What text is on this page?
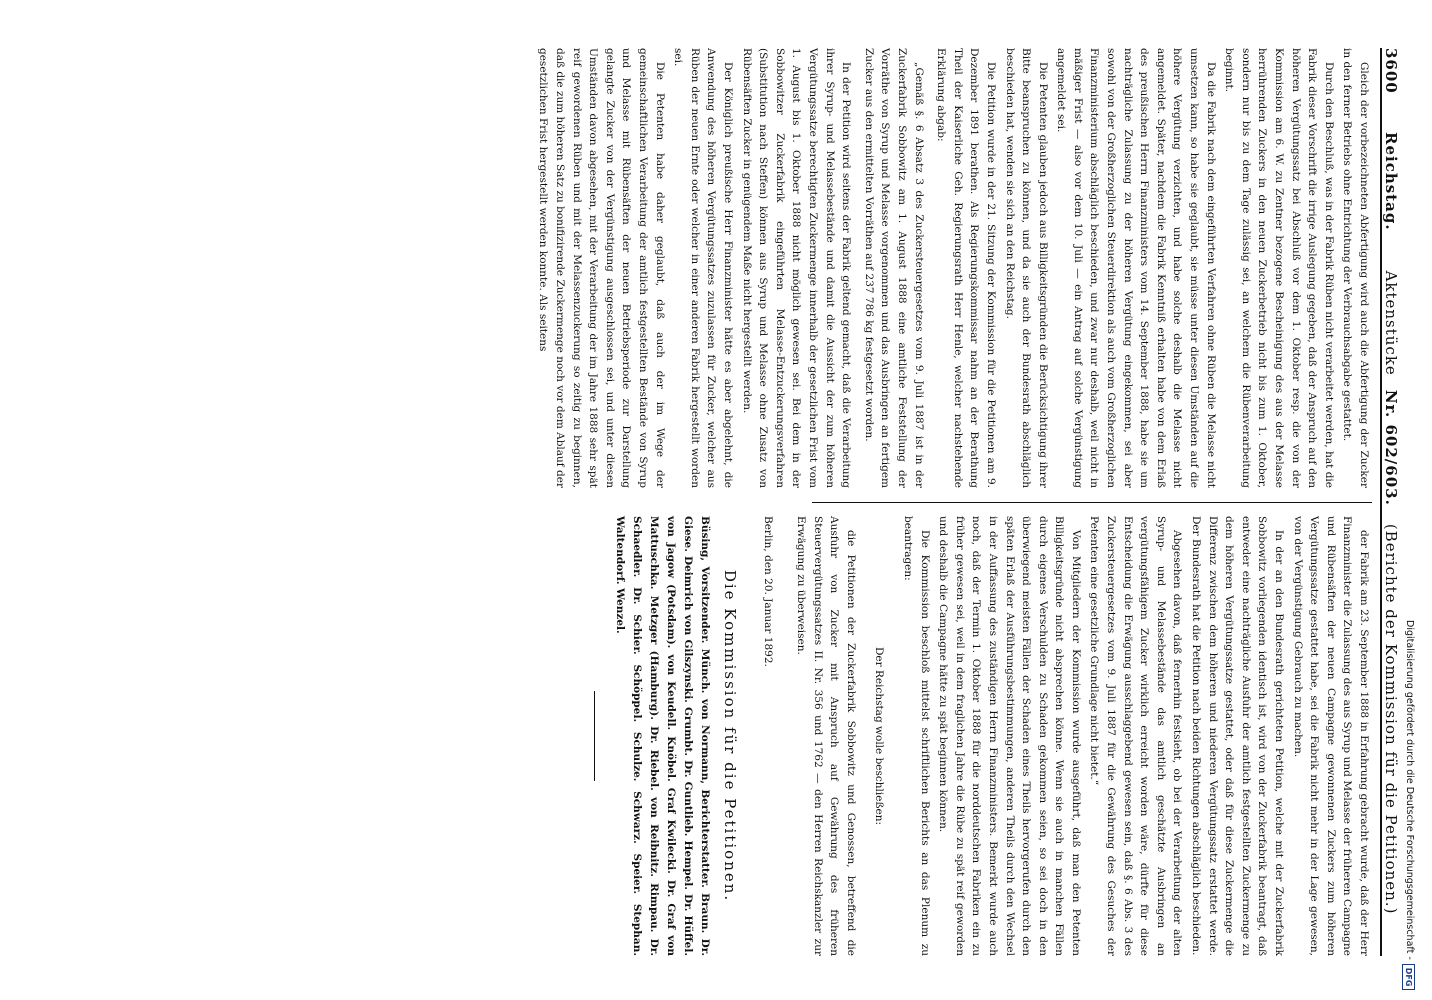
3600
Reichstag.
Aktenstücke
Nr. 602/603.
(Berichte der Kommission für die Petitionen.)

Gleich der vorbezeichneten Abfertigung wird auch die Abfertigung der Zucker in den ferner Betriebs ohne Entrichtung der Verbrauchsabgabe gestattet.

Durch den Beschluß, was in der Fabrik Rüben nicht verarbeitet werden, hat die Fabrik dieser Vorschrift die irrige Auslegung gegeben, daß der Anspruch auf den höheren Vergütungssatz bei Abschluß vor dem 1. Oktober resp. die von der Kommission am 6. W. zu Zentner bezogene Bescheinigung des aus der Melasse herrührenden Zuckers in den neuen Zuckerbetrieb nicht bis zum 1. Oktober, sondern nur bis zu dem Tage zulässig sei, an welchem die Rübenverarbeitung beginnt.

Da die Fabrik nach dem eingeführten Verfahren ohne Rüben die Melasse nicht umsetzen kann, so habe sie geglaubt, sie müsse unter diesen Umständen auf die höhere Vergütung verzichten, und habe solche deshalb die Melasse nicht angemeldet. Später, nachdem die Fabrik Kenntniß erhalten habe von dem Erlaß des preußischen Herrn Finanzministers vom 14. September 1888, habe sie um nachträgliche Zulassung zu der höheren Vergütung eingekommen, sei aber sowohl von der Großherzoglichen Steuerdirektion als auch vom Großherzoglichen Finanzministerium abschläglich beschieden, und zwar nur deshalb, weil nicht in mäßiger Frist — also vor dem 10. Juli — ein Antrag auf solche Vergünstigung angemeldet sei.

Die Petenten glauben jedoch aus Billigkeitsgründen die Berücksichtigung ihrer Bitte beanspruchen zu können, und da sie auch der Bundesrath abschläglich beschieden hat, wenden sie sich an den Reichstag.

Die Petition wurde in der 21. Sitzung der Kommission für die Petitionen am 9. Dezember 1891 berathen. Als Regierungskommissar nahm an der Berathung Theil der Kaiserliche Geh. Regierungsrath Herr Henle, welcher nachstehende Erklärung abgab:

„Gemäß §. 6 Absatz 3 des Zuckersteuergesetzes vom 9. Juli 1887 ist in der Zuckerfabrik Sobbowitz am 1. August 1888 eine amtliche Feststellung der Vorräthe von Syrup und Melasse vorgenommen und das Ausbringen an fertigem Zucker aus den ermittelten Vorräthen auf 237 786 kg festgesetzt worden.

In der Petition wird seitens der Fabrik geltend gemacht, daß die Verarbeitung ihrer Syrup- und Melassebestände und damit die Aussicht der zum höheren Vergütungssatze berechtigten Zuckermenge innerhalb der gesetzlichen Frist vom 1. August bis 1. Oktober 1888 nicht möglich gewesen sei. Bei dem in der Sobbowitzer Zuckerfabrik eingeführten Melasse-Entzuckerungsverfahren (Substitution nach Steffen) können aus Syrup und Melasse ohne Zusatz von Rübensäften Zucker in genügendem Maße nicht hergestellt werden.

Der Königlich preußische Herr Finanzminister hätte es aber abgelehnt, die Anwendung des höheren Vergütungssatzes zuzulassen für Zucker, welcher aus Rüben der neuen Ernte oder welcher in einer anderen Fabrik hergestellt worden sei.

Die Petenten habe daher geglaubt, daß auch der im Wege der gemeinschaftlichen Verarbeitung der amtlich festgestellten Bestände von Syrup und Melasse mit Rübensäften der neuen Betriebsperiode zur Darstellung gelangte Zucker von der Vergünstigung ausgeschlossen sei, und unter diesen Umständen davon abgesehen, mit der Verarbeitung der im Jahre 1888 sehr spät reif gewordenen Rüben und mit der Melassenzuckerung so zeitig zu beginnen, daß die zum höheren Satz zu bonifizirende Zuckermenge noch vor dem Ablauf der gesetzlichen Frist hergestellt werden konnte. Als seitens

der Fabrik am 23. September 1888 in Erfahrung gebracht wurde, daß der Herr Finanzminister die Zulassung des aus Syrup und Melasse der früheren Campagne und Rübensäften der neuen Campagne gewonnenen Zuckers zum höheren Vergütungssatze gestattet habe, sei die Fabrik nicht mehr in der Lage gewesen, von der Vergünstigung Gebrauch zu machen.

In der an den Bundesrath gerichteten Petition, welche mit der Zuckerfabrik Sobbowitz vorliegenden identisch ist, wird von der Zuckerfabrik beantragt, daß entweder eine nachträgliche Ausfuhr der amtlich festgestellten Zuckermenge zu dem höheren Vergütungssatze gestattet, oder daß für diese Zuckermenge die Differenz zwischen dem höheren und niederen Vergütungssatz erstattet werde. Der Bundesrath hat die Petition nach beiden Richtungen abschläglich beschieden.

Abgesehen davon, daß fernerhin festsieht, ob bei der Verarbeitung der alten Syrup- und Melassebestände das amtlich geschätzte Ausbringen an vergütungsfähigem Zucker wirklich erreicht worden wäre, dürfte für diese Entscheidung die Erwägung ausschlaggebend gewesen sein, daß §. 6 Abs. 3 des Zuckersteuergesetzes vom 9. Juli 1887 für die Gewährung des Gesuches der Petenten eine gesetzliche Grundlage nicht bietet.“

Von Mitgliedern der Kommission wurde ausgeführt, daß man den Petenten Billigkeitsgründe nicht absprechen könne. Wenn sie auch in manchen Fällen durch eigenes Verschulden zu Schaden gekommen seien, so sei doch in den überwiegend meisten Fällen der Schaden eines Theils hervorgerufen durch den späten Erlaß der Ausführungsbestimmungen, anderen Theils durch den Wechsel in der Auffassung des zuständigen Herrn Finanzministers. Bemerkt wurde auch noch, daß der Termin 1. Oktober 1888 für die norddeutschen Fabriken ein zu früher gewesen sei, weil in dem fraglichen Jahre die Rübe zu spät reif geworden und deshalb die Campagne hätte zu spät beginnen können.

Die Kommission beschloß mittelst schriftlichen Berichts an das Plenum zu beantragen:

Der Reichstag wolle beschließen:

die Petitionen der Zuckerfabrik Sobbowitz und Genossen, betreffend die Ausfuhr von Zucker mit Anspruch auf Gewährung des früheren Steuervergütungssatzes II. Nr. 356 und 1762 — den Herren Reichskanzler zur Erwägung zu überweisen.

Berlin, den 20. Januar 1892.

Die Kommission für die Petitionen.

Büsing, Vorsitzender. Münch. von Normann, Berichterstatter. Braun. Dr. Giese. Deimrich von Gilszynski. Grumbt. Dr. Guntlieb. Hempel. Dr. Hüffel. von Jagow (Potsdam). von Keudell. Knöbel. Graf Kwilecki. Dr. Graf von Mattuschka. Metzger (Hamburg). Dr. Riebel. von Reibnitz. Rimpau. Dr. Schaedler. Dr. Schier. Schöppel. Schulze. Schwarz. Speier. Stephan. Waltendorf. Wenzel.

Digitalisierung gefördert durch die Deutsche Forschungsgemeinschaft -
DFG
